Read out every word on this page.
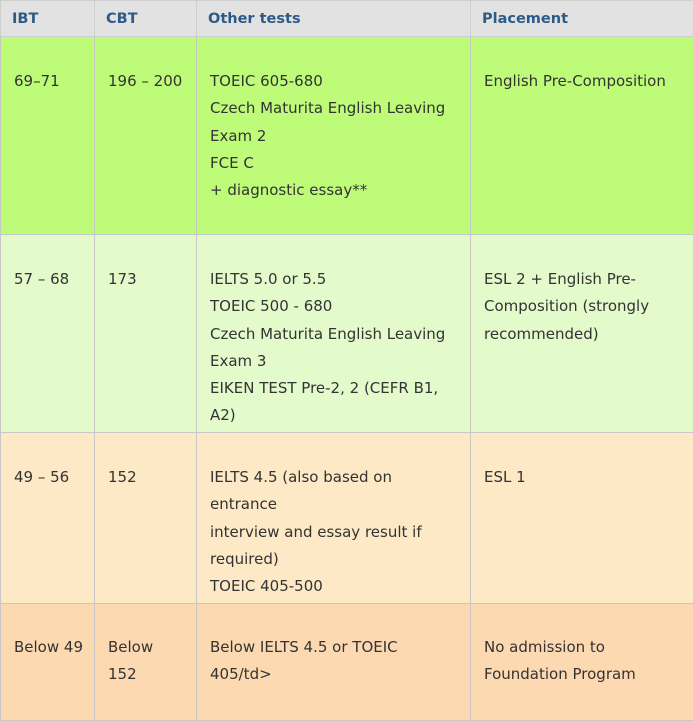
IBT	CBT	Other tests	Placement
69–71	196 – 200	TOEIC 605-680
Czech Maturita English Leaving
Exam 2
FCE C
+ diagnostic essay**	English Pre-Composition

57 – 68	173	IELTS 5.0 or 5.5
TOEIC 500 - 680
Czech Maturita English Leaving
Exam 3
EIKEN TEST Pre-2, 2 (CEFR B1, A2)	ESL 2 + English Pre-
Composition (strongly
recommended)

49 – 56	152	IELTS 4.5 (also based on entrance
interview and essay result if
required)
TOEIC 405-500	ESL 1

Below 49	Below 152	Below IELTS 4.5 or TOEIC 405/td>	No admission to
Foundation Program
